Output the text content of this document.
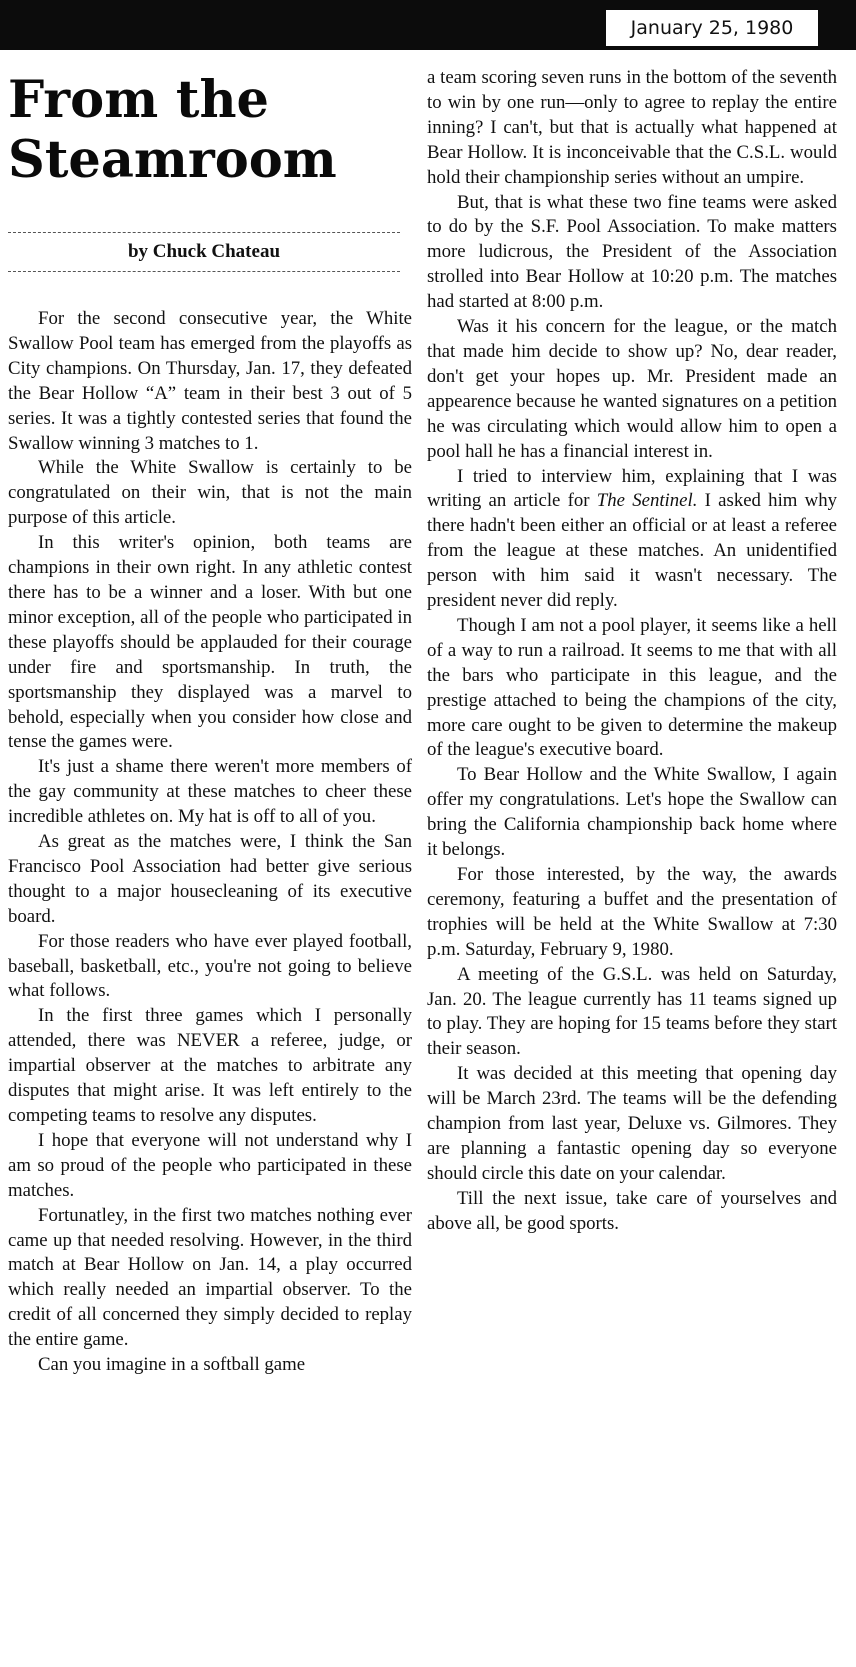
January 25, 1980
From the Steamroom
by Chuck Chateau

For the second consecutive year, the White Swallow Pool team has emerged from the playoffs as City champions. On Thursday, Jan. 17, they defeated the Bear Hollow “A” team in their best 3 out of 5 series. It was a tightly contested series that found the Swallow winning 3 matches to 1.

While the White Swallow is certainly to be congratulated on their win, that is not the main purpose of this article.

In this writer's opinion, both teams are champions in their own right. In any athletic contest there has to be a winner and a loser. With but one minor exception, all of the people who participated in these playoffs should be applauded for their courage under fire and sportsmanship. In truth, the sportsmanship they displayed was a marvel to behold, especially when you consider how close and tense the games were.

It's just a shame there weren't more members of the gay community at these matches to cheer these incredible athletes on. My hat is off to all of you.

As great as the matches were, I think the San Francisco Pool Association had better give serious thought to a major housecleaning of its executive board.

For those readers who have ever played football, baseball, basketball, etc., you're not going to believe what follows.

In the first three games which I personally attended, there was NEVER a referee, judge, or impartial observer at the matches to arbitrate any disputes that might arise. It was left entirely to the competing teams to resolve any disputes.

I hope that everyone will not understand why I am so proud of the people who participated in these matches.

Fortunatley, in the first two matches nothing ever came up that needed resolving. However, in the third match at Bear Hollow on Jan. 14, a play occurred which really needed an impartial observer. To the credit of all concerned they simply decided to replay the entire game.

Can you imagine in a softball game

a team scoring seven runs in the bottom of the seventh to win by one run—only to agree to replay the entire inning? I can't, but that is actually what happened at Bear Hollow. It is inconceivable that the C.S.L. would hold their championship series without an umpire.

But, that is what these two fine teams were asked to do by the S.F. Pool Association. To make matters more ludicrous, the President of the Association strolled into Bear Hollow at 10:20 p.m. The matches had started at 8:00 p.m.

Was it his concern for the league, or the match that made him decide to show up? No, dear reader, don't get your hopes up. Mr. President made an appearence because he wanted signatures on a petition he was circulating which would allow him to open a pool hall he has a financial interest in.

I tried to interview him, explaining that I was writing an article for The Sentinel. I asked him why there hadn't been either an official or at least a referee from the league at these matches. An unidentified person with him said it wasn't necessary. The president never did reply.

Though I am not a pool player, it seems like a hell of a way to run a railroad. It seems to me that with all the bars who participate in this league, and the prestige attached to being the champions of the city, more care ought to be given to determine the makeup of the league's executive board.

To Bear Hollow and the White Swallow, I again offer my congratulations. Let's hope the Swallow can bring the California championship back home where it belongs.

For those interested, by the way, the awards ceremony, featuring a buffet and the presentation of trophies will be held at the White Swallow at 7:30 p.m. Saturday, February 9, 1980.

A meeting of the G.S.L. was held on Saturday, Jan. 20. The league currently has 11 teams signed up to play. They are hoping for 15 teams before they start their season.

It was decided at this meeting that opening day will be March 23rd. The teams will be the defending champion from last year, Deluxe vs. Gilmores. They are planning a fantastic opening day so everyone should circle this date on your calendar.

Till the next issue, take care of yourselves and above all, be good sports.
